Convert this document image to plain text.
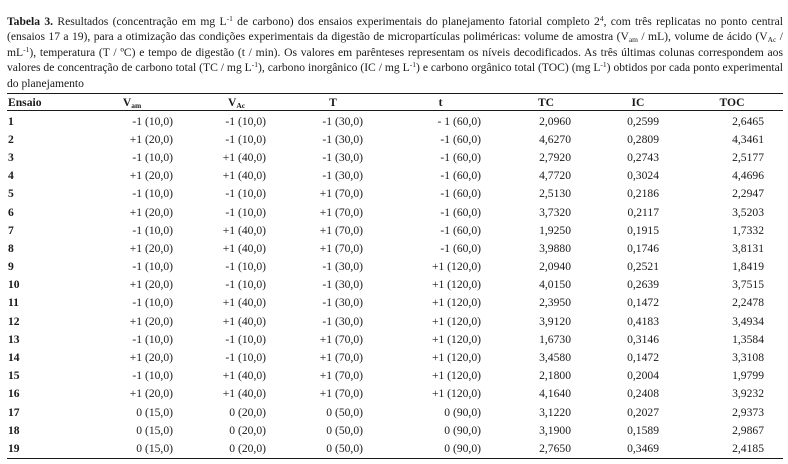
Tabela 3. Resultados (concentração em mg $L^{-1}$ de carbono) dos ensaios experimentais do planejamento fatorial completo $2^4$, com três replicatas no ponto central (ensaios 17 a 19), para a otimização das condições experimentais da digestão de micropartículas poliméricas: volume de amostra $(V_{am} / mL)$, volume de ácido $(V_{Ac} / mL^{-1})$, temperatura (T / ºC) e tempo de digestão (t / min). Os valores em parênteses representam os níveis decodificados. As três últimas colunas correspondem aos valores de concentração de carbono total (TC / mg $L^{-1}$), carbono inorgânico (IC / mg $L^{-1}$) e carbono orgânico total (TOC) (mg $L^{-1}$) obtidos por cada ponto experimental do planejamento

Ensaio	$V_{am}$	$V_{Ac}$	T	t	TC	IC	TOC
1	-1 (10,0)	-1 (10,0)	-1 (30,0)	- 1 (60,0)	2,0960	0,2599	2,6465
2	+1 (20,0)	-1 (10,0)	-1 (30,0)	-1 (60,0)	4,6270	0,2809	4,3461
3	-1 (10,0)	+1 (40,0)	-1 (30,0)	-1 (60,0)	2,7920	0,2743	2,5177
4	+1 (20,0)	+1 (40,0)	-1 (30,0)	-1 (60,0)	4,7720	0,3024	4,4696
5	-1 (10,0)	-1 (10,0)	+1 (70,0)	-1 (60,0)	2,5130	0,2186	2,2947
6	+1 (20,0)	-1 (10,0)	+1 (70,0)	-1 (60,0)	3,7320	0,2117	3,5203
7	-1 (10,0)	+1 (40,0)	+1 (70,0)	-1 (60,0)	1,9250	0,1915	1,7332
8	+1 (20,0)	+1 (40,0)	+1 (70,0)	-1 (60,0)	3,9880	0,1746	3,8131
9	-1 (10,0)	-1 (10,0)	-1 (30,0)	+1 (120,0)	2,0940	0,2521	1,8419
10	+1 (20,0)	-1 (10,0)	-1 (30,0)	+1 (120,0)	4,0150	0,2639	3,7515
11	-1 (10,0)	+1 (40,0)	-1 (30,0)	+1 (120,0)	2,3950	0,1472	2,2478
12	+1 (20,0)	+1 (40,0)	-1 (30,0)	+1 (120,0)	3,9120	0,4183	3,4934
13	-1 (10,0)	-1 (10,0)	+1 (70,0)	+1 (120,0)	1,6730	0,3146	1,3584
14	+1 (20,0)	-1 (10,0)	+1 (70,0)	+1 (120,0)	3,4580	0,1472	3,3108
15	-1 (10,0)	+1 (40,0)	+1 (70,0)	+1 (120,0)	2,1800	0,2004	1,9799
16	+1 (20,0)	+1 (40,0)	+1 (70,0)	+1 (120,0)	4,1640	0,2408	3,9232
17	0 (15,0)	0 (20,0)	0 (50,0)	0 (90,0)	3,1220	0,2027	2,9373
18	0 (15,0)	0 (20,0)	0 (50,0)	0 (90,0)	3,1900	0,1589	2,9867
19	0 (15,0)	0 (20,0)	0 (50,0)	0 (90,0)	2,7650	0,3469	2,4185
